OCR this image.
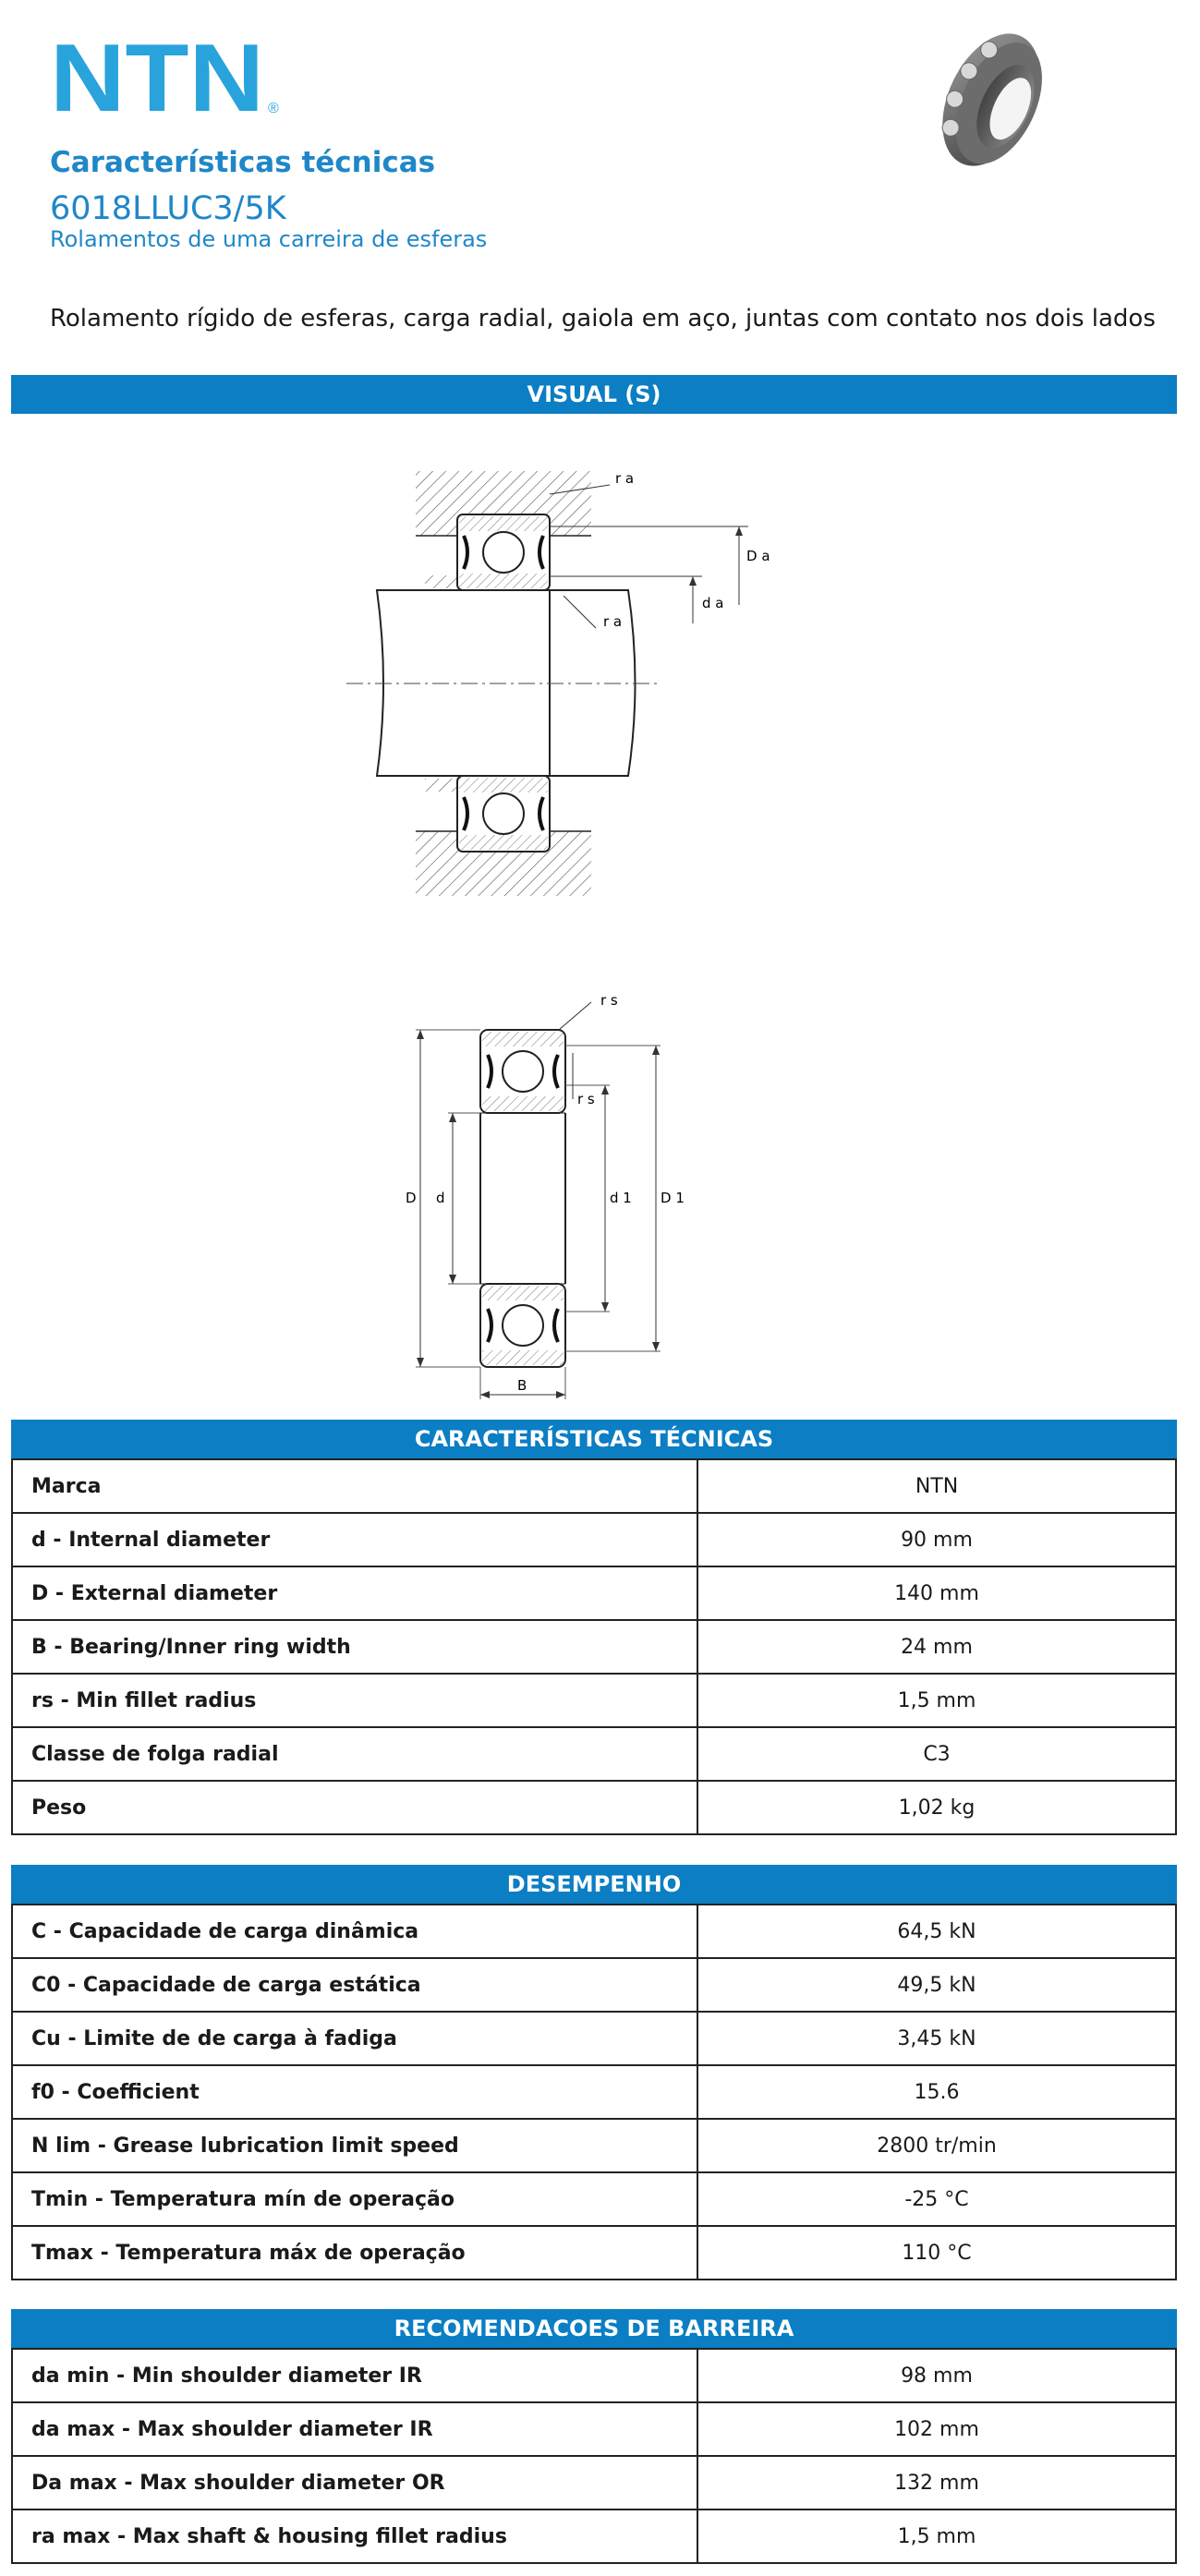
NTN ®
Características técnicas
6018LLUC3/5K
Rolamentos de uma carreira de esferas
Rolamento rígido de esferas, carga radial, gaiola em aço, juntas com contato nos dois lados
VISUAL (S)
r a
D a
d a
r a
r s
r s
D d	d 1 D 1
B
CARACTERÍSTICAS TÉCNICAS
Marca	NTN
d - Internal diameter	90 mm
D - External diameter	140 mm
B - Bearing/Inner ring width	24 mm
rs - Min fillet radius	1,5 mm
Classe de folga radial	C3
Peso	1,02 kg
DESEMPENHO
C - Capacidade de carga dinâmica	64,5 kN
C0 - Capacidade de carga estática	49,5 kN
Cu - Limite de de carga à fadiga	3,45 kN
f0 - Coefficient	15.6
N lim - Grease lubrication limit speed	2800 tr/min
Tmin - Temperatura mín de operação	-25 °C
Tmax - Temperatura máx de operação	110 °C
RECOMENDACOES DE BARREIRA
da min - Min shoulder diameter IR	98 mm
da max - Max shoulder diameter IR	102 mm
Da max - Max shoulder diameter OR	132 mm
ra max - Max shaft & housing fillet radius	1,5 mm
